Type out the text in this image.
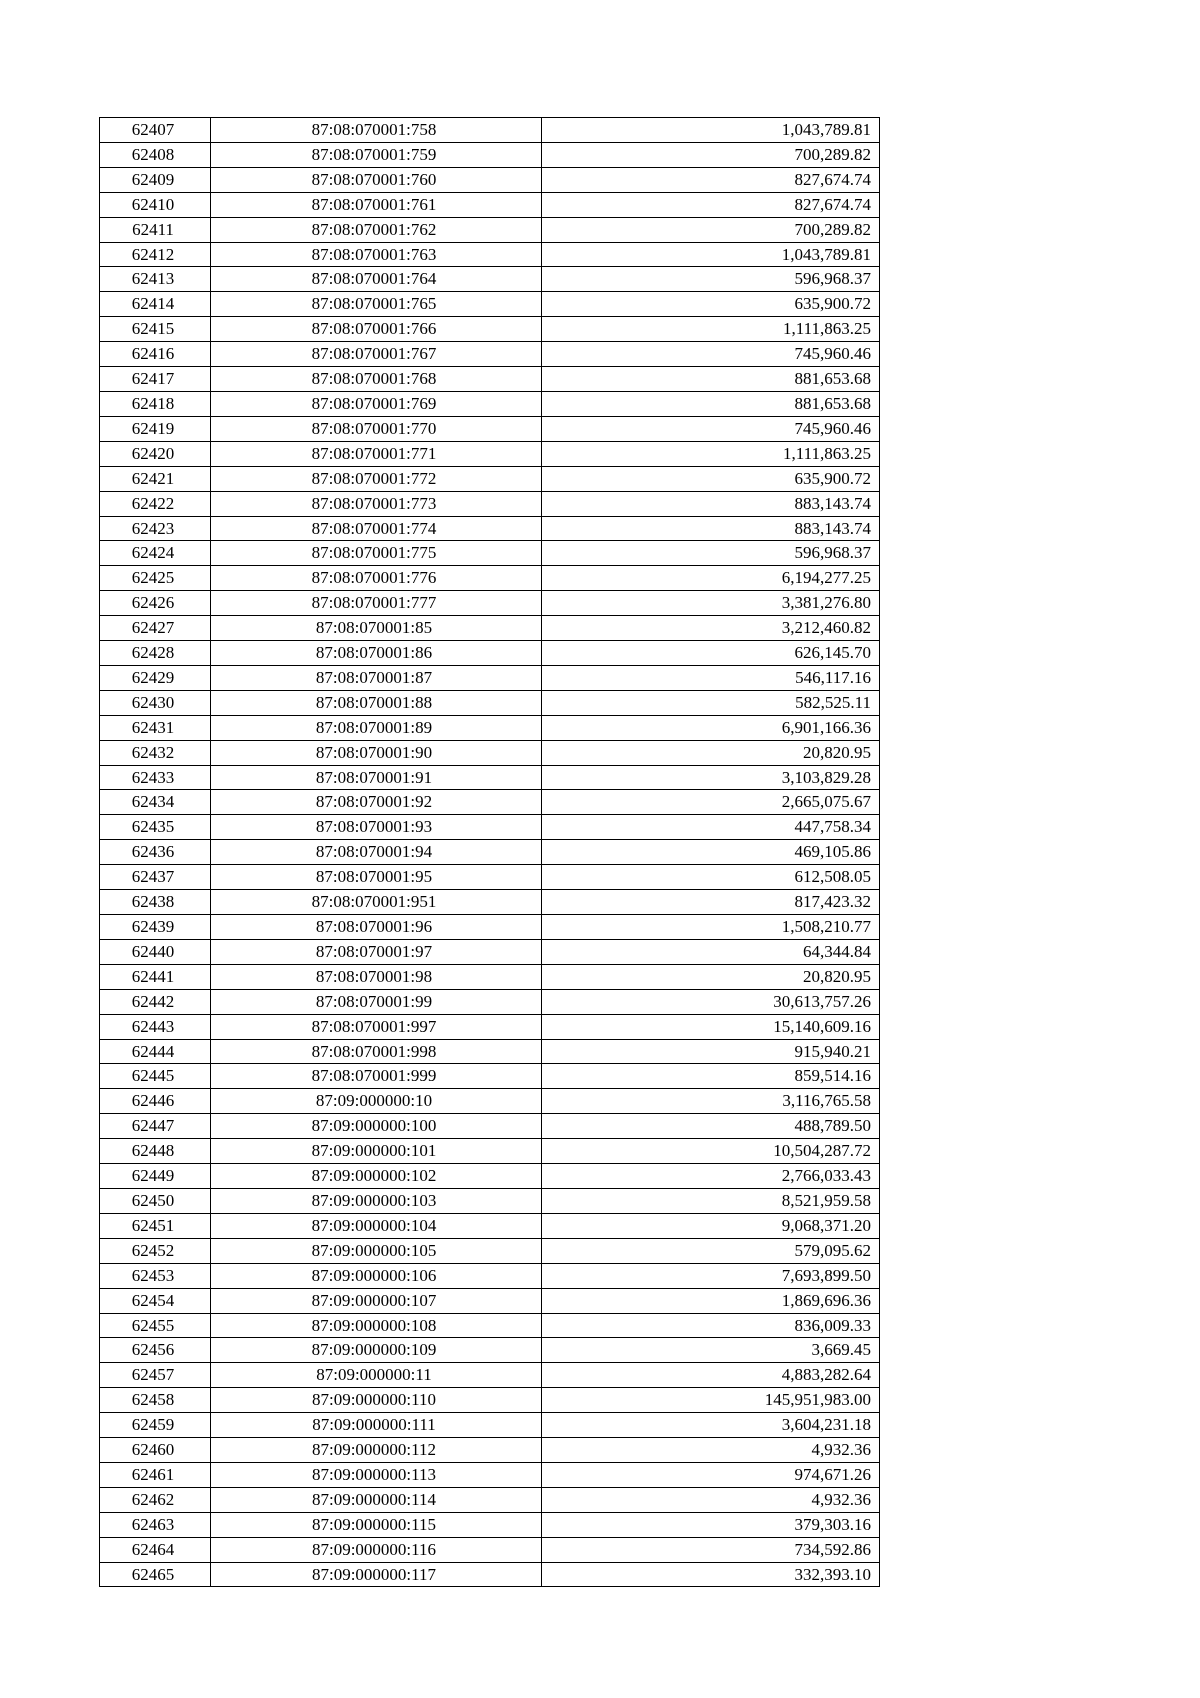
62407	87:08:070001:758	1,043,789.81
62408	87:08:070001:759	700,289.82
62409	87:08:070001:760	827,674.74
62410	87:08:070001:761	827,674.74
62411	87:08:070001:762	700,289.82
62412	87:08:070001:763	1,043,789.81
62413	87:08:070001:764	596,968.37
62414	87:08:070001:765	635,900.72
62415	87:08:070001:766	1,111,863.25
62416	87:08:070001:767	745,960.46
62417	87:08:070001:768	881,653.68
62418	87:08:070001:769	881,653.68
62419	87:08:070001:770	745,960.46
62420	87:08:070001:771	1,111,863.25
62421	87:08:070001:772	635,900.72
62422	87:08:070001:773	883,143.74
62423	87:08:070001:774	883,143.74
62424	87:08:070001:775	596,968.37
62425	87:08:070001:776	6,194,277.25
62426	87:08:070001:777	3,381,276.80
62427	87:08:070001:85	3,212,460.82
62428	87:08:070001:86	626,145.70
62429	87:08:070001:87	546,117.16
62430	87:08:070001:88	582,525.11
62431	87:08:070001:89	6,901,166.36
62432	87:08:070001:90	20,820.95
62433	87:08:070001:91	3,103,829.28
62434	87:08:070001:92	2,665,075.67
62435	87:08:070001:93	447,758.34
62436	87:08:070001:94	469,105.86
62437	87:08:070001:95	612,508.05
62438	87:08:070001:951	817,423.32
62439	87:08:070001:96	1,508,210.77
62440	87:08:070001:97	64,344.84
62441	87:08:070001:98	20,820.95
62442	87:08:070001:99	30,613,757.26
62443	87:08:070001:997	15,140,609.16
62444	87:08:070001:998	915,940.21
62445	87:08:070001:999	859,514.16
62446	87:09:000000:10	3,116,765.58
62447	87:09:000000:100	488,789.50
62448	87:09:000000:101	10,504,287.72
62449	87:09:000000:102	2,766,033.43
62450	87:09:000000:103	8,521,959.58
62451	87:09:000000:104	9,068,371.20
62452	87:09:000000:105	579,095.62
62453	87:09:000000:106	7,693,899.50
62454	87:09:000000:107	1,869,696.36
62455	87:09:000000:108	836,009.33
62456	87:09:000000:109	3,669.45
62457	87:09:000000:11	4,883,282.64
62458	87:09:000000:110	145,951,983.00
62459	87:09:000000:111	3,604,231.18
62460	87:09:000000:112	4,932.36
62461	87:09:000000:113	974,671.26
62462	87:09:000000:114	4,932.36
62463	87:09:000000:115	379,303.16
62464	87:09:000000:116	734,592.86
62465	87:09:000000:117	332,393.10
